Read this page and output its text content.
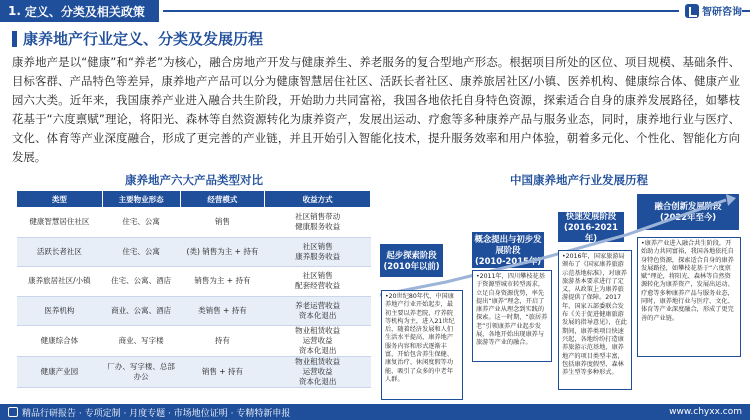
1. 定义、分类及相关政策	智研咨询
康养地产行业定义、分类及发展历程

康养地产是以“健康”和“养老”为核心，融合房地产开发与健康养生、养老服务的复合型地产形态。根据项目所处的区位、项目规模、基础条件、目标客群、产品特色等差异，康养地产产品可以分为健康智慧居住社区、活跃长者社区、康养旅居社区/小镇、医养机构、健康综合体、健康产业园六大类。近年来，我国康养产业进入融合共生阶段，开始助力共同富裕，我国各地依托自身特色资源，探索适合自身的康养发展路径，如攀枝花基于“六度禀赋”理论，将阳光、森林等自然资源转化为康养资产，发展出运动、疗愈等多种康养产品与服务业态，同时，康养地行业与医疗、文化、体育等产业深度融合，形成了更完善的产业链，并且开始引入智能化技术，提升服务效率和用户体验，朝着多元化、个性化、智能化方向发展。

康养地产六大产品类型对比	中国康养地产行业发展历程
类型	主要物业形态	经营模式	收益方式
健康智慧居住社区	住宅、公寓	销售	社区销售带动
健康服务收益
活跃长者社区	住宅、公寓	(类) 销售为主 + 持有	社区销售
康养服务收益
康养旅居社区/小镇	住宅、公寓、酒店	销售为主 + 持有	社区销售
配套经营收益
医养机构	商业、公寓、酒店	类销售 + 持有	养老运营收益
资本化退出
健康综合体	商业、写字楼	持有	物业租赁收益
运营收益
资本化退出
健康产业园	厂办、写字楼、总部办公	销售 + 持有	物业租赁收益
运营收益
资本化退出
起步探索阶段
(2010年以前)
概念提出与初步发展阶段
(2010-2015年)
快速发展阶段
(2016-2021年)
融合创新发展阶段
(2022年至今)
•20世纪80年代，中国康养地产行业开始起步，最初主要以养老院、疗养院等机构为主，进入21世纪后，随着经济发展和人们生活水平提高，康养地产服务内容和形式逐渐丰富，开始包含养生保健、康复治疗、休闲度假等功能，吸引了众多的中老年人群。
•2011年，四川攀枝花基于资源型城市转型需求，立足自身资源优势，率先提出“康养”理念，开启了康养产业从理念到实践的探索。这一时期，“旅居养老”引领康养产业起步发展，各地开始出现康养与旅游等产业的融合。
•2016年，国家旅游局颁布了《国家康养旅游示范基地标准》，对康养旅游基本要求进行了定义，从政策上为康养旅游提供了保障。2017年，国家五部委联合发布《关于促进健康旅游发展的指导意见》，在此期间，康养类项目快速兴起，各地纷纷打造康养旅游示范基地，康养地产的项目类型丰富，包括康养度假型、森林养生型等多种形式。
•康养产业进入融合共生阶段，开始助力共同富裕，我国各地依托自身特色资源，探索适合自身的康养发展路径，如攀枝花基于“六度禀赋”理论，将阳光、森林等自然资源转化为康养资产，发展出运动、疗愈等多种康养产品与服务业态，同时，康养地行业与医疗、文化、体育等产业深度融合，形成了更完善的产业链。
精品行研报告 · 专项定制 · 月度专题 · 市场地位证明 · 专精特新申报	www.chyxx.com
